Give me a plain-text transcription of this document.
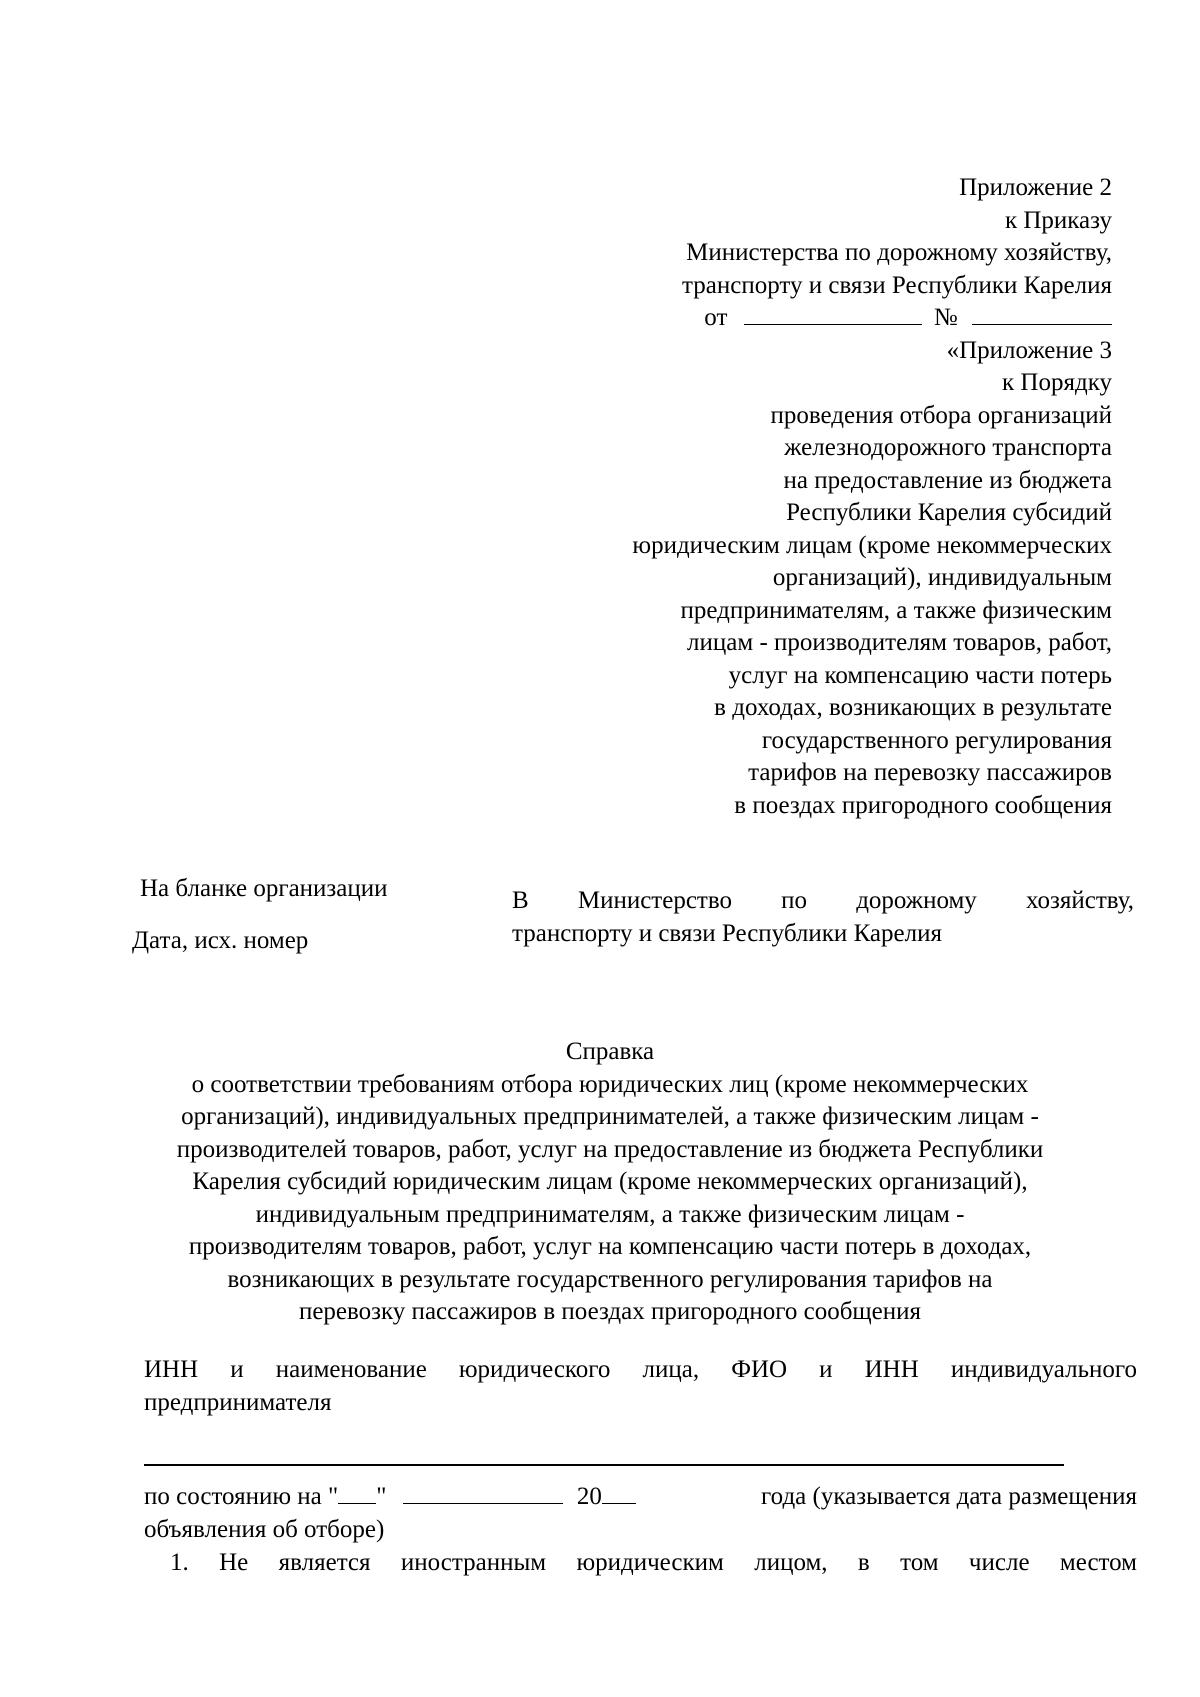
Приложение 2
к Приказу
Министерства по дорожному хозяйству,
транспорту и связи Республики Карелия
от	№
«Приложение 3
к Порядку
проведения отбора организаций
железнодорожного транспорта
на предоставление из бюджета
Республики Карелия субсидий
юридическим лицам (кроме некоммерческих
организаций), индивидуальным
предпринимателям, а также физическим
лицам - производителям товаров, работ,
услуг на компенсацию части потерь
в доходах, возникающих в результате
государственного регулирования
тарифов на перевозку пассажиров
в поездах пригородного сообщения
На бланке организации
Дата, исх. номер
В Министерство по дорожному хозяйству,
транспорту и связи Республики Карелия
Справка
о соответствии требованиям отбора юридических лиц (кроме некоммерческих
организаций), индивидуальных предпринимателей, а также физическим лицам -
производителей товаров, работ, услуг на предоставление из бюджета Республики
Карелия субсидий юридическим лицам (кроме некоммерческих организаций),
индивидуальным предпринимателям, а также физическим лицам -
производителям товаров, работ, услуг на компенсацию части потерь в доходах,
возникающих в результате государственного регулирования тарифов на
перевозку пассажиров в поездах пригородного сообщения
ИНН и наименование юридического лица, ФИО и ИНН индивидуального
предпринимателя
по состоянию на " "	20	года (указывается дата размещения
объявления об отборе)
1. Не является иностранным юридическим лицом, в том числе местом
